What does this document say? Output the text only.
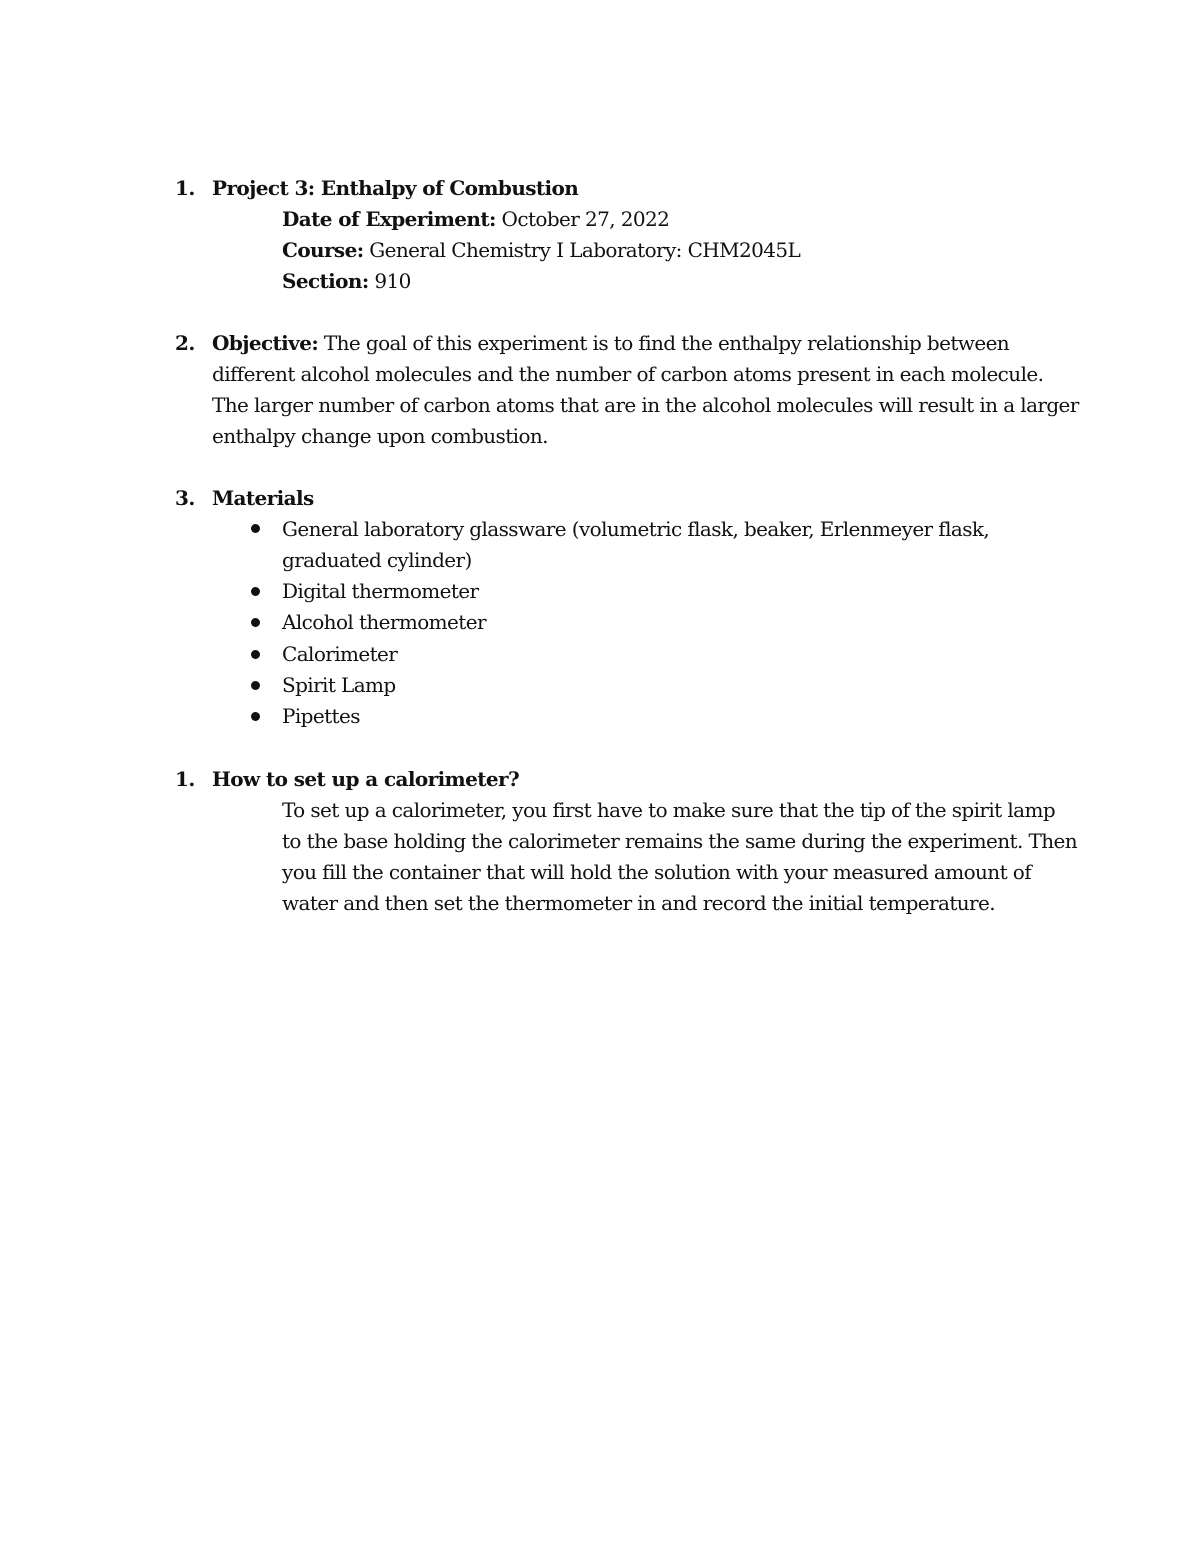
1. Project 3: Enthalpy of Combustion
Date of Experiment: October 27, 2022
Course: General Chemistry I Laboratory: CHM2045L
Section: 910
2. Objective: The goal of this experiment is to find the enthalpy relationship between
different alcohol molecules and the number of carbon atoms present in each molecule.
The larger number of carbon atoms that are in the alcohol molecules will result in a larger
enthalpy change upon combustion.
3. Materials
General laboratory glassware (volumetric flask, beaker, Erlenmeyer flask,
graduated cylinder)
Digital thermometer
Alcohol thermometer
Calorimeter
Spirit Lamp
Pipettes
1. How to set up a calorimeter?
To set up a calorimeter, you first have to make sure that the tip of the spirit lamp
to the base holding the calorimeter remains the same during the experiment. Then
you fill the container that will hold the solution with your measured amount of
water and then set the thermometer in and record the initial temperature.
